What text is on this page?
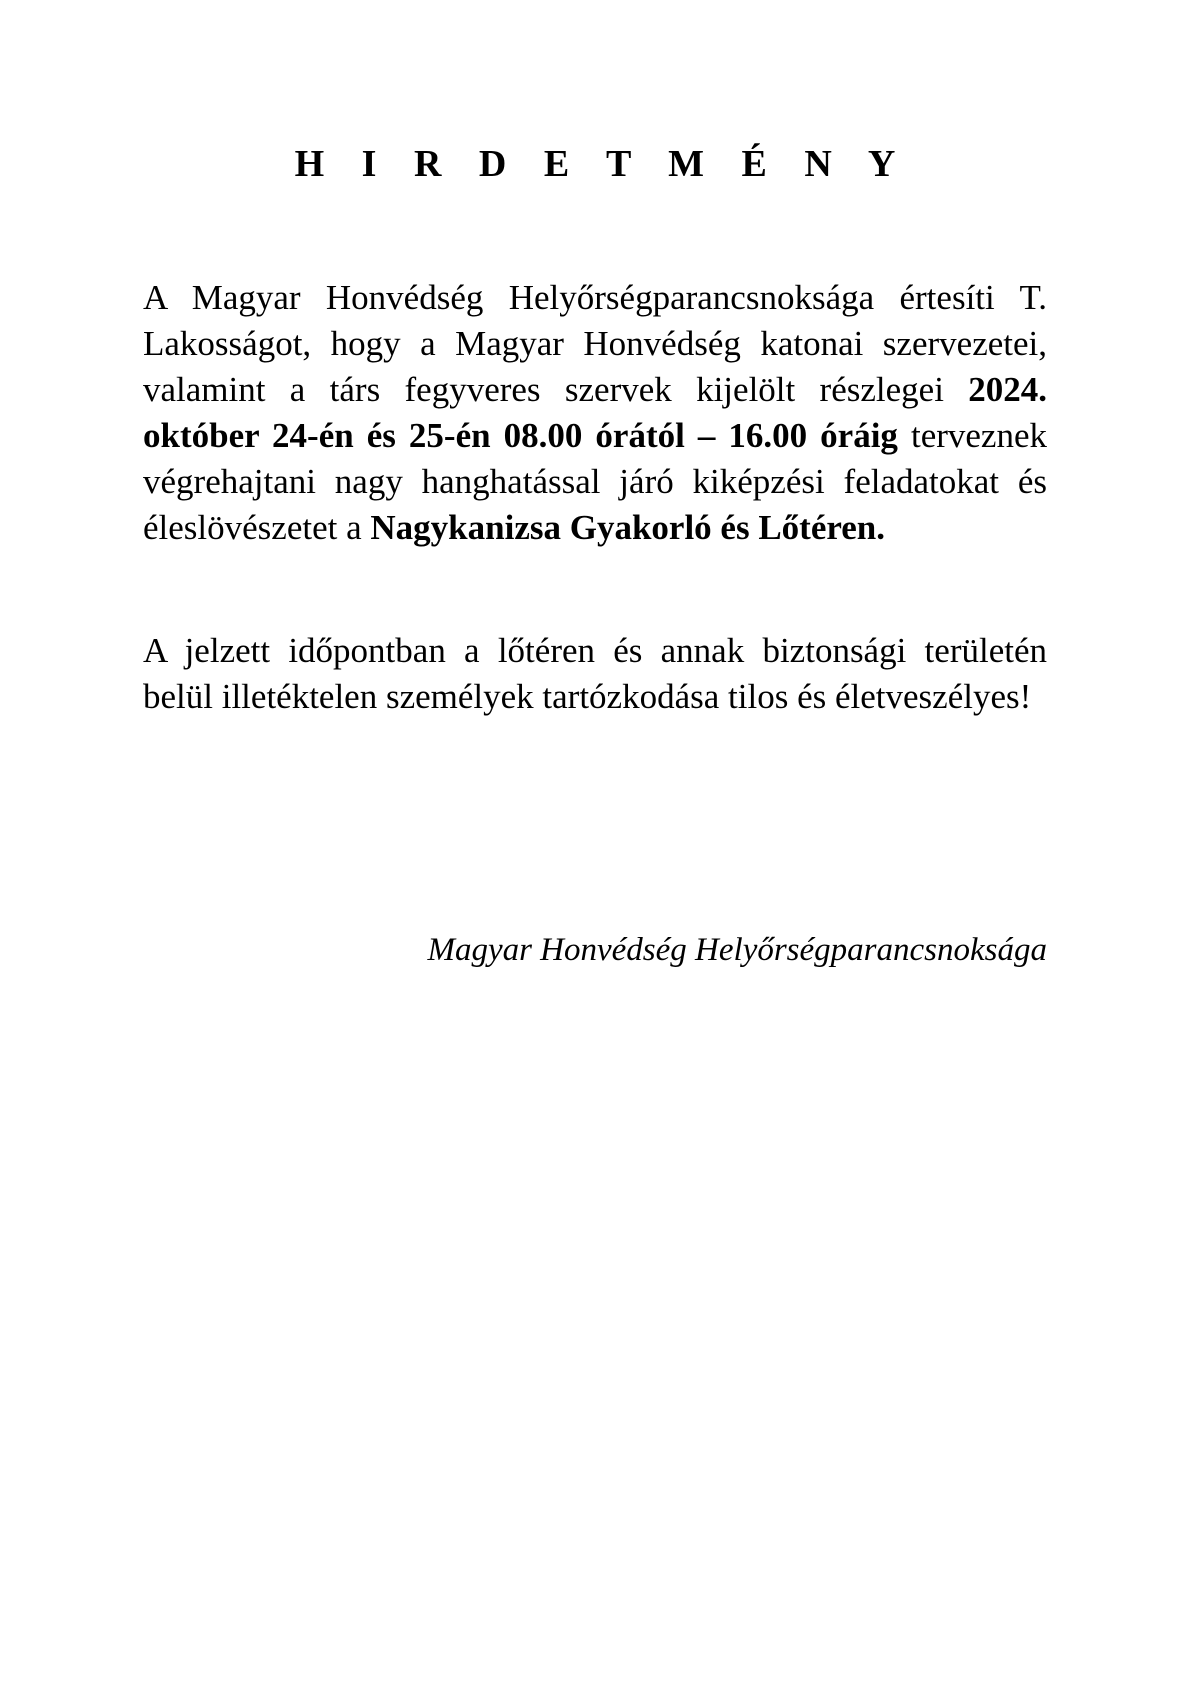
H I R D E T M É N Y
A Magyar Honvédség Helyőrségparancsnoksága értesíti T. Lakosságot, hogy a Magyar Honvédség katonai szervezetei, valamint a társ fegyveres szervek kijelölt részlegei 2024. október 24-én és 25-én 08.00 órától – 16.00 óráig terveznek végrehajtani nagy hanghatással járó kiképzési feladatokat és éleslövészetet a Nagykanizsa Gyakorló és Lőtéren.
A jelzett időpontban a lőtéren és annak biztonsági területén belül illetéktelen személyek tartózkodása tilos és életveszélyes!
Magyar Honvédség Helyőrségparancsnoksága
